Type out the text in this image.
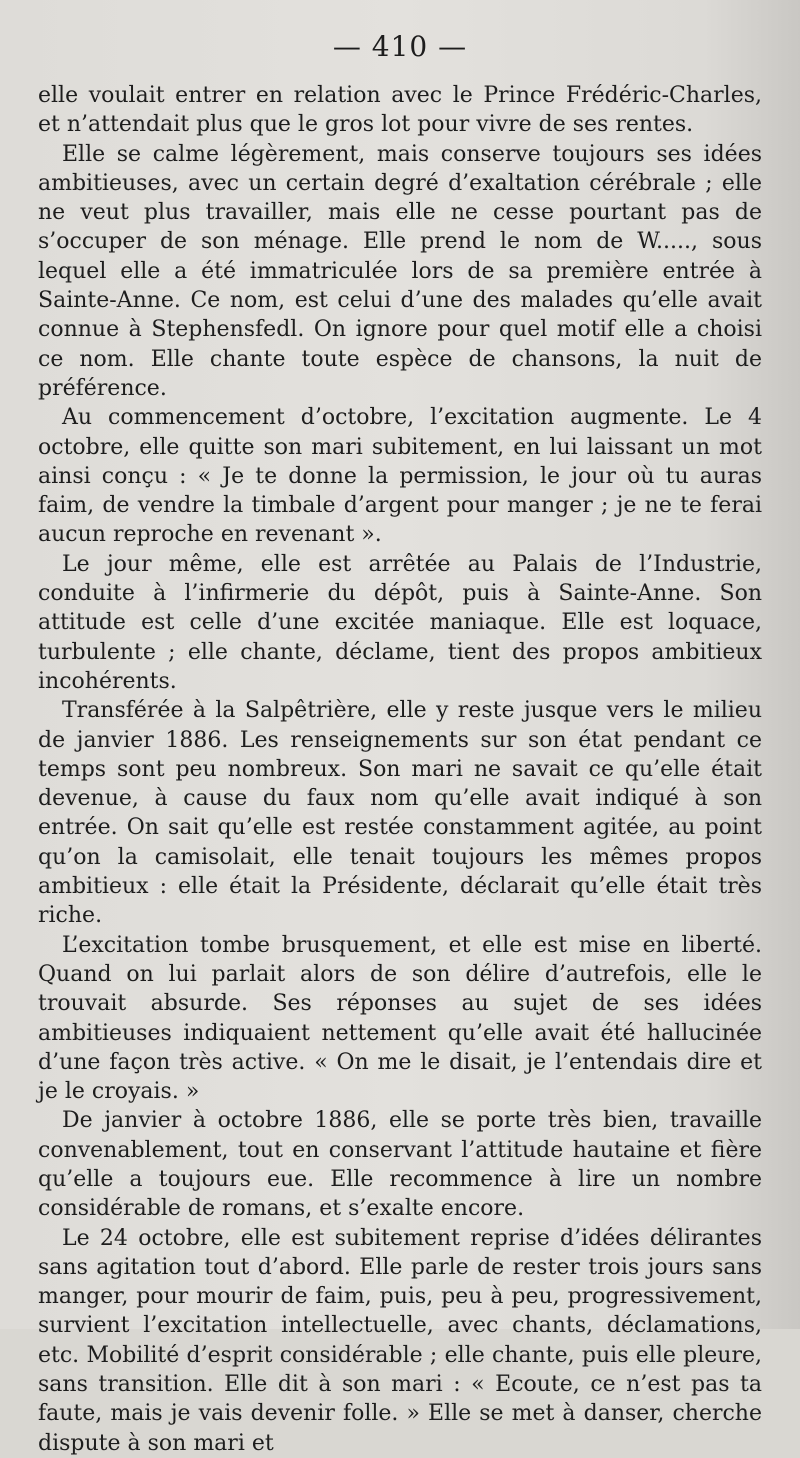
— 410 —

elle voulait entrer en relation avec le Prince Frédéric-Charles, et n’attendait plus que le gros lot pour vivre de ses rentes.

Elle se calme légèrement, mais conserve toujours ses idées ambitieuses, avec un certain degré d’exaltation cérébrale ; elle ne veut plus travailler, mais elle ne cesse pourtant pas de s’occuper de son ménage. Elle prend le nom de W....., sous lequel elle a été immatriculée lors de sa première entrée à Sainte-Anne. Ce nom, est celui d’une des malades qu’elle avait connue à Stephensfedl. On ignore pour quel motif elle a choisi ce nom. Elle chante toute espèce de chansons, la nuit de préférence.

Au commencement d’octobre, l’excitation augmente. Le 4 octobre, elle quitte son mari subitement, en lui laissant un mot ainsi conçu : « Je te donne la permission, le jour où tu auras faim, de vendre la timbale d’argent pour manger ; je ne te ferai aucun reproche en revenant ».

Le jour même, elle est arrêtée au Palais de l’Industrie, conduite à l’infirmerie du dépôt, puis à Sainte-Anne. Son attitude est celle d’une excitée maniaque. Elle est loquace, turbulente ; elle chante, déclame, tient des propos ambitieux incohérents.

Transférée à la Salpêtrière, elle y reste jusque vers le milieu de janvier 1886. Les renseignements sur son état pendant ce temps sont peu nombreux. Son mari ne savait ce qu’elle était devenue, à cause du faux nom qu’elle avait indiqué à son entrée. On sait qu’elle est restée constamment agitée, au point qu’on la camisolait, elle tenait toujours les mêmes propos ambitieux : elle était la Présidente, déclarait qu’elle était très riche.

L’excitation tombe brusquement, et elle est mise en liberté. Quand on lui parlait alors de son délire d’autrefois, elle le trouvait absurde. Ses réponses au sujet de ses idées ambitieuses indiquaient nettement qu’elle avait été hallucinée d’une façon très active. « On me le disait, je l’entendais dire et je le croyais. »

De janvier à octobre 1886, elle se porte très bien, travaille convenablement, tout en conservant l’attitude hautaine et fière qu’elle a toujours eue. Elle recommence à lire un nombre considérable de romans, et s’exalte encore.

Le 24 octobre, elle est subitement reprise d’idées délirantes sans agitation tout d’abord. Elle parle de rester trois jours sans manger, pour mourir de faim, puis, peu à peu, progressivement, survient l’excitation intellectuelle, avec chants, déclamations, etc. Mobilité d’esprit considérable ; elle chante, puis elle pleure, sans transition. Elle dit à son mari : « Ecoute, ce n’est pas ta faute, mais je vais devenir folle. » Elle se met à danser, cherche dispute à son mari et
